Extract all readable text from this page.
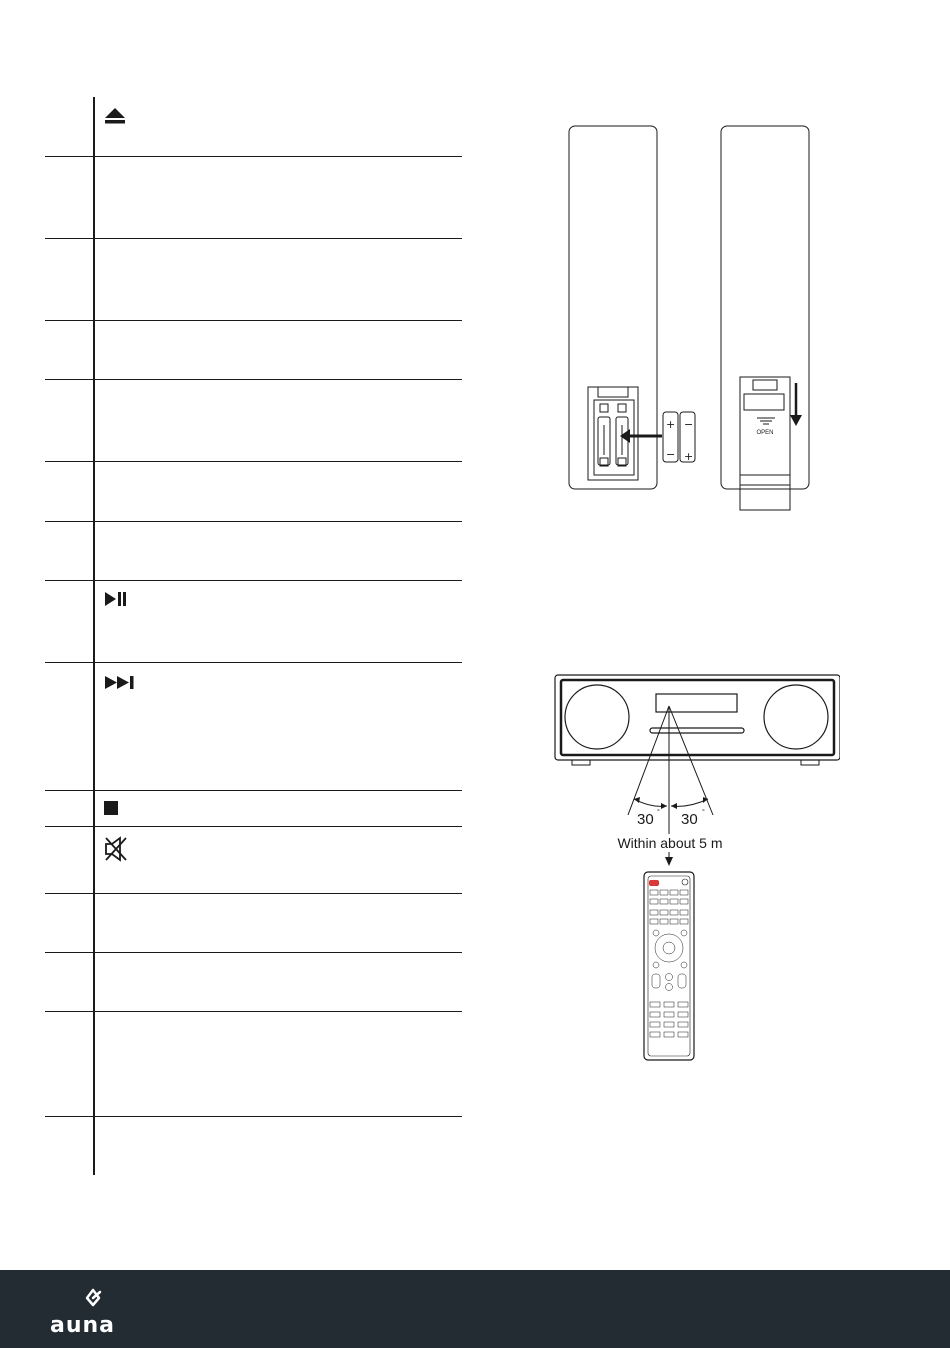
+
−
−
+
OPEN
30 ° 30 °
Within about 5 m
auna
